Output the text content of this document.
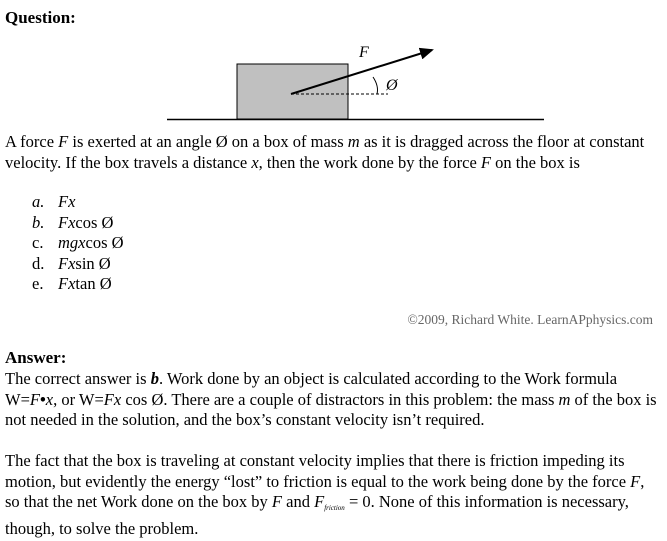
Question:
F
Ø
A force F is exerted at an angle Ø on a box of mass m as it is dragged across the floor at constant velocity. If the box travels a distance x, then the work done by the force F on the box is
a. Fx
b. Fx cos Ø
c. mgx cos Ø
d. Fx sin Ø
e. Fx tan Ø
©2009, Richard White. LearnAPphysics.com
Answer:
The correct answer is b. Work done by an object is calculated according to the Work formula W=F•x, or W=Fx cos Ø. There are a couple of distractors in this problem: the mass m of the box is not needed in the solution, and the box’s constant velocity isn’t required.
The fact that the box is traveling at constant velocity implies that there is friction impeding its motion, but evidently the energy “lost” to friction is equal to the work being done by the force F, so that the net Work done on the box by F and Ffriction = 0. None of this information is necessary, though, to solve the problem.
